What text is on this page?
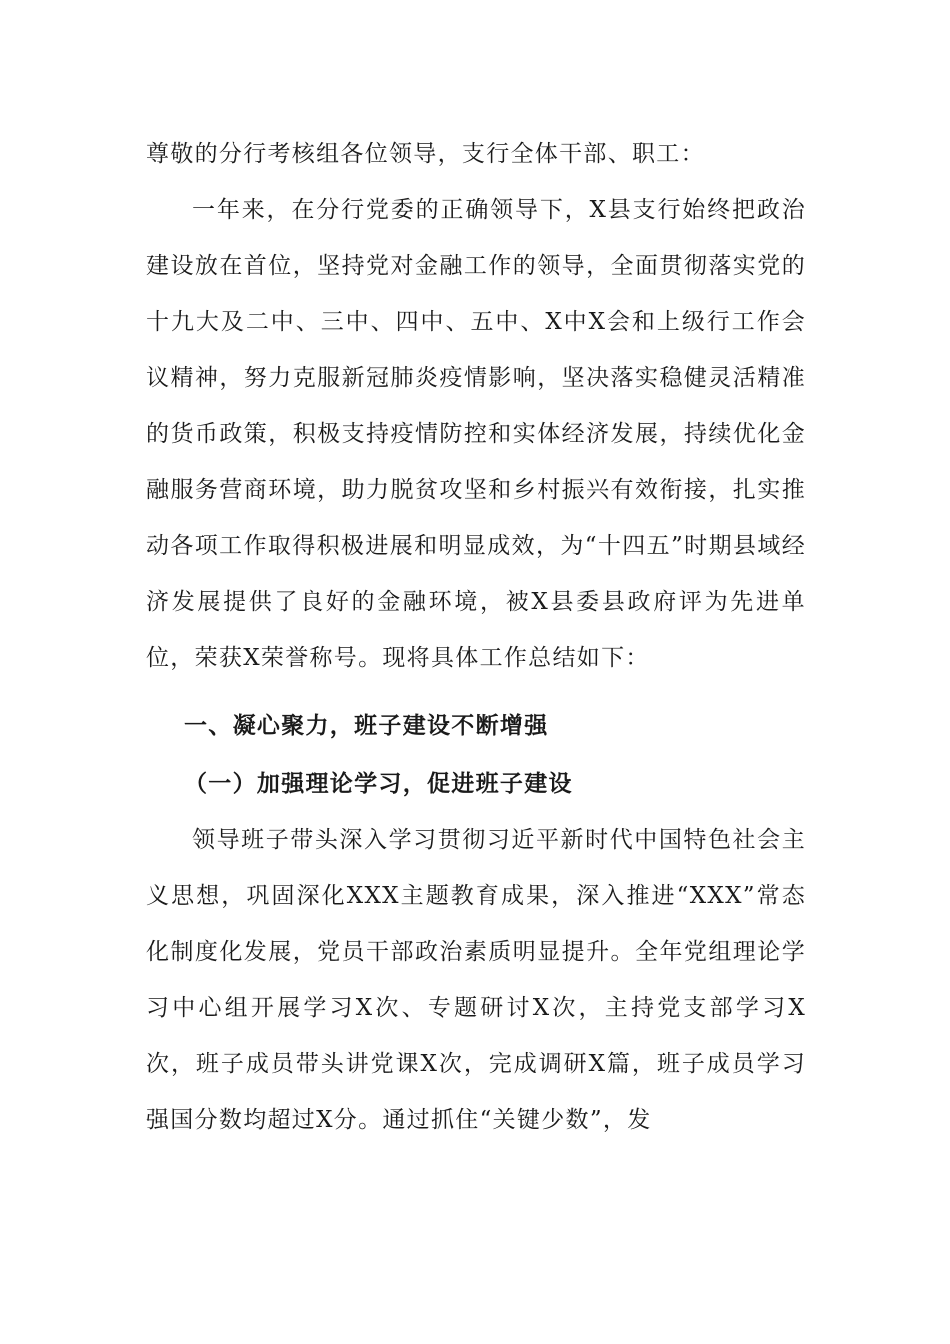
尊敬的分行考核组各位领导，支行全体干部、职工：

一年来，在分行党委的正确领导下，X县支行始终把政治建设放在首位，坚持党对金融工作的领导，全面贯彻落实党的十九大及二中、三中、四中、五中、X中X会和上级行工作会议精神，努力克服新冠肺炎疫情影响，坚决落实稳健灵活精准的货币政策，积极支持疫情防控和实体经济发展，持续优化金融服务营商环境，助力脱贫攻坚和乡村振兴有效衔接，扎实推动各项工作取得积极进展和明显成效，为“十四五”时期县域经济发展提供了良好的金融环境，被X县委县政府评为先进单位，荣获X荣誉称号。现将具体工作总结如下：

一、凝心聚力，班子建设不断增强

（一）加强理论学习，促进班子建设

领导班子带头深入学习贯彻习近平新时代中国特色社会主义思想，巩固深化XXX主题教育成果，深入推进“XXX”常态化制度化发展，党员干部政治素质明显提升。全年党组理论学习中心组开展学习X次、专题研讨X次，主持党支部学习X次，班子成员带头讲党课X次，完成调研X篇，班子成员学习强国分数均超过X分。通过抓住“关键少数”，发
